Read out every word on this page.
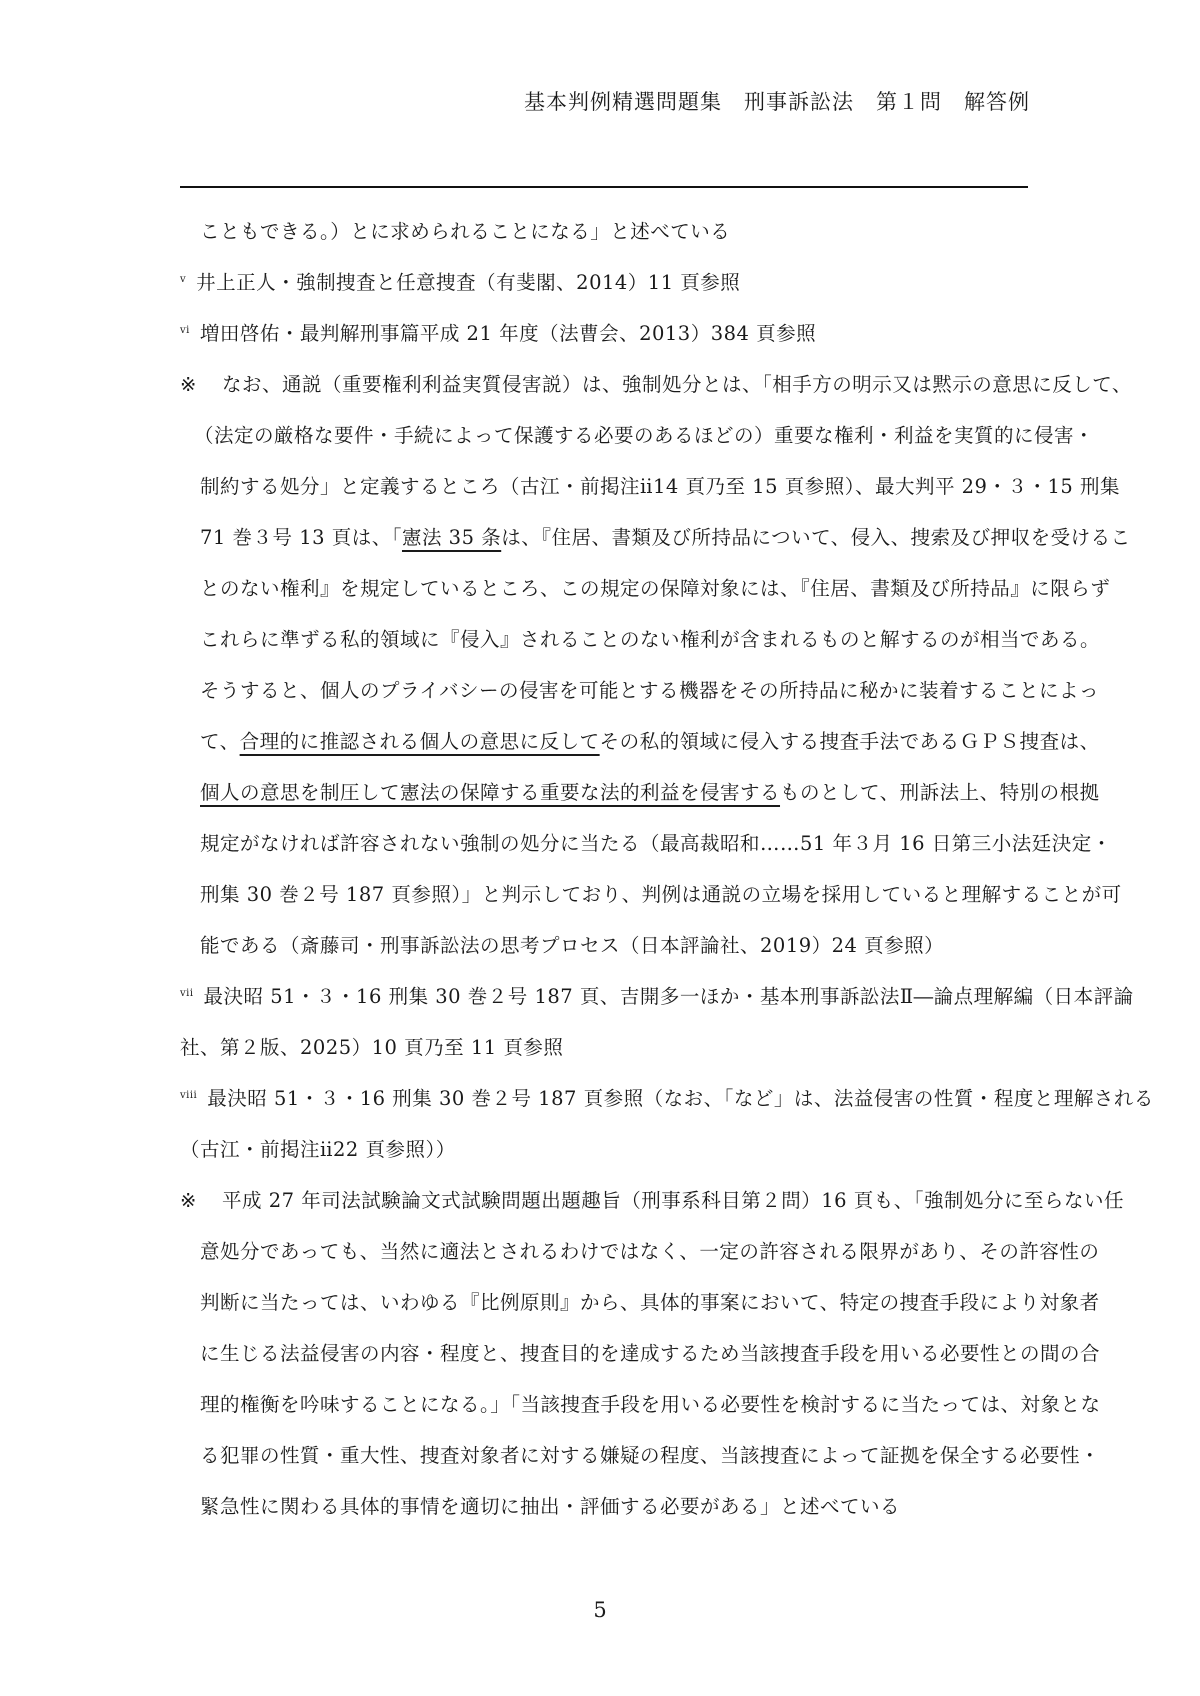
基本判例精選問題集　刑事訴訟法　第１問　解答例
こともできる。）とに求められることになる」と述べている
$^v$ 井上正人・強制捜査と任意捜査（有斐閣、2014）11 頁参照
$^{vi}$ 増田啓佑・最判解刑事篇平成 21 年度（法曹会、2013）384 頁参照
※　 なお、通説（重要権利利益実質侵害説）は、強制処分とは、「相手方の明示又は黙示の意思に反して、
（法定の厳格な要件・手続によって保護する必要のあるほどの）重要な権利・利益を実質的に侵害・
制約する処分」と定義するところ（古江・前掲注ⅱ14 頁乃至 15 頁参照）、最大判平 29・３・15 刑集
71 巻３号 13 頁は、「憲法 35 条は、『住居、書類及び所持品について、侵入、捜索及び押収を受けるこ
とのない権利』を規定しているところ、この規定の保障対象には、『住居、書類及び所持品』に限らず
これらに準ずる私的領域に『侵入』されることのない権利が含まれるものと解するのが相当である。
そうすると、個人のプライバシーの侵害を可能とする機器をその所持品に秘かに装着することによっ
て、合理的に推認される個人の意思に反してその私的領域に侵入する捜査手法であるＧＰＳ捜査は、
個人の意思を制圧して憲法の保障する重要な法的利益を侵害するものとして、刑訴法上、特別の根拠
規定がなければ許容されない強制の処分に当たる（最高裁昭和……51 年３月 16 日第三小法廷決定・
刑集 30 巻２号 187 頁参照）」と判示しており、判例は通説の立場を採用していると理解することが可
能である（斎藤司・刑事訴訟法の思考プロセス（日本評論社、2019）24 頁参照）
$^{vii}$ 最決昭 51・３・16 刑集 30 巻２号 187 頁、吉開多一ほか・基本刑事訴訟法Ⅱ―論点理解編（日本評論
社、第２版、2025）10 頁乃至 11 頁参照
$^{viii}$ 最決昭 51・３・16 刑集 30 巻２号 187 頁参照（なお、「など」は、法益侵害の性質・程度と理解される
（古江・前掲注ⅱ22 頁参照））
※　 平成 27 年司法試験論文式試験問題出題趣旨（刑事系科目第２問）16 頁も、「強制処分に至らない任
意処分であっても、当然に適法とされるわけではなく、一定の許容される限界があり、その許容性の
判断に当たっては、いわゆる『比例原則』から、具体的事案において、特定の捜査手段により対象者
に生じる法益侵害の内容・程度と、捜査目的を達成するため当該捜査手段を用いる必要性との間の合
理的権衡を吟味することになる。」「当該捜査手段を用いる必要性を検討するに当たっては、対象とな
る犯罪の性質・重大性、捜査対象者に対する嫌疑の程度、当該捜査によって証拠を保全する必要性・
緊急性に関わる具体的事情を適切に抽出・評価する必要がある」と述べている
5
